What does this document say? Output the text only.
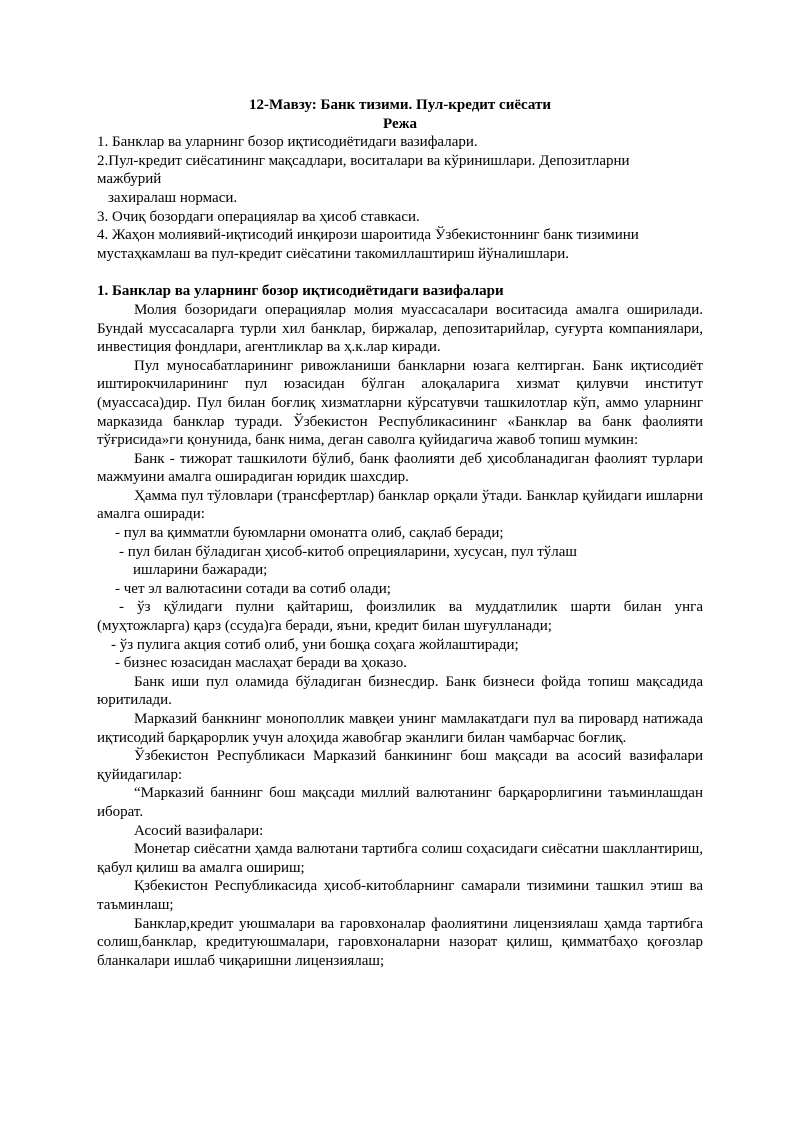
12-Мавзу: Банк тизими. Пул-кредит сиёсати
Режа
1. Банклар ва уларнинг бозор иқтисодиётидаги вазифалари.
2.Пул-кредит сиёсатининг мақсадлари, воситалари ва кўринишлари. Депозитларни
мажбурий
захиралаш нормаси.
3. Очиқ бозордаги операциялар ва ҳисоб ставкаси.
4. Жаҳон молиявий-иқтисодий инқирози шароитида Ўзбекистоннинг банк тизимини
мустаҳкамлаш ва пул-кредит сиёсатини такомиллаштириш йўналишлари.
1. Банклар ва уларнинг бозор иқтисодиётидаги вазифалари
Молия бозоридаги операциялар молия муассасалари воситасида амалга оширилади. Бундай муссасаларга турли хил банклар, биржалар, депозитарийлар, суғурта компаниялари, инвестиция фондлари, агентликлар ва ҳ.к.лар киради.
Пул муносабатларининг ривожланиши банкларни юзага келтирган. Банк иқтисодиёт иштирокчиларининг пул юзасидан бўлган алоқаларига хизмат қилувчи институт (муассаса)дир. Пул билан боғлиқ хизматларни кўрсатувчи ташкилотлар кўп, аммо уларнинг марказида банклар туради. Ўзбекистон Республикасининг «Банклар ва банк фаолияти тўғрисида»ги қонунида, банк нима, деган саволга қуйидагича жавоб топиш мумкин:
Банк - тижорат ташкилоти бўлиб, банк фаолияти деб ҳисобланадиган фаолият турлари мажмуини амалга оширадиган юридик шахсдир.
Ҳамма пул тўловлари (трансфертлар) банклар орқали ўтади. Банклар қуйидаги ишларни амалга оширади:
- пул ва қимматли буюмларни омонатга олиб, сақлаб беради;
- пул билан бўладиган ҳисоб-китоб опрецияларини, хусусан, пул тўлаш
ишларини бажаради;
- чет эл валютасини сотади ва сотиб олади;
- ўз қўлидаги пулни қайтариш, фоизлилик ва муддатлилик шарти билан унга (муҳтожларга) қарз (ссуда)га беради, яъни, кредит билан шуғулланади;
- ўз пулига акция сотиб олиб, уни бошқа соҳага жойлаштиради;
- бизнес юзасидан маслаҳат беради ва ҳоказо.
Банк иши пул оламида бўладиган бизнесдир. Банк бизнеси фойда топиш мақсадида юритилади.
Марказий банкнинг монополлик мавқеи унинг мамлакатдаги пул ва пировард натижада иқтисодий барқарорлик учун алоҳида жавобгар эканлиги билан чамбарчас боғлиқ.
Ўзбекистон Республикаси Марказий банкининг бош мақсади ва асосий вазифалари қуйидагилар:
“Марказий баннинг бош мақсади миллий валютанинг барқарорлигини таъминлашдан иборат.
Асосий вазифалари:
Монетар сиёсатни ҳамда валютани тартибга солиш соҳасидаги сиёсатни шакллантириш, қабул қилиш ва амалга ошириш;
Қзбекистон Республикасида ҳисоб-китобларнинг самарали тизимини ташкил этиш ва таъминлаш;
Банклар,кредит уюшмалари ва гаровхоналар фаолиятини лицензиялаш ҳамда тартибга солиш,банклар, кредитуюшмалари, гаровхоналарни назорат қилиш, қимматбаҳо қоғозлар бланкалари ишлаб чиқаришни лицензиялаш;
